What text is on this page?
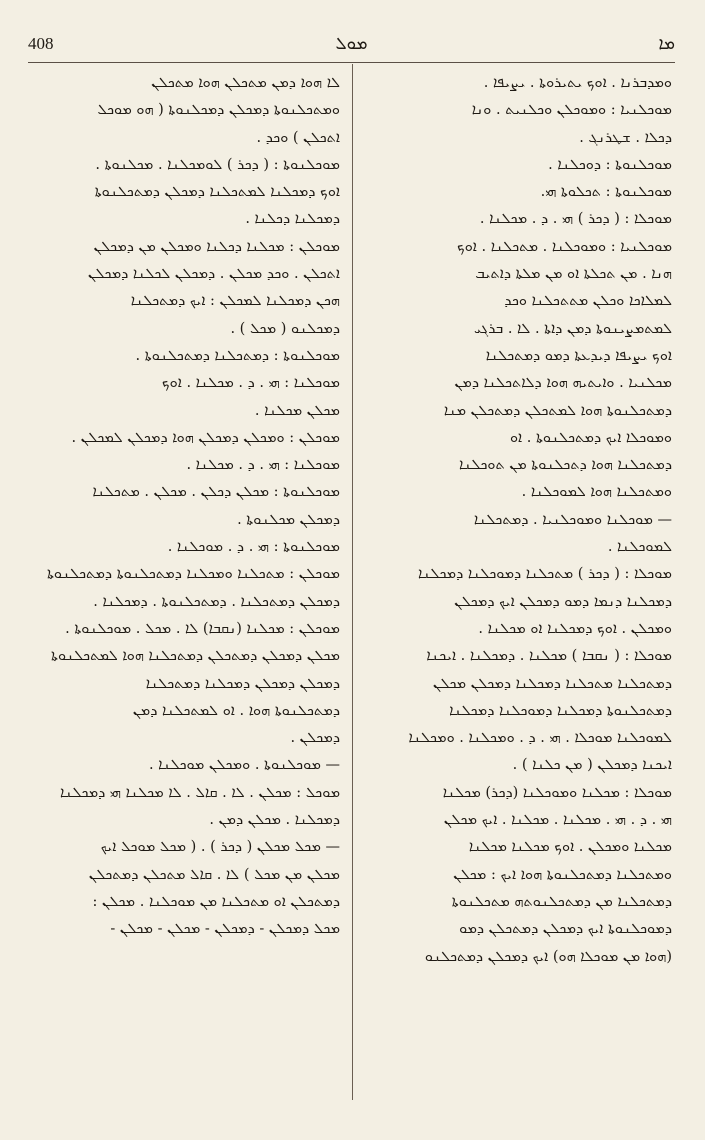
408	ܡܘܠ	ܡܐ
ܘܡܕܒܪܢܐ . ܐܘܟ ܝܬܝܪܘܬܐ . ܝܨܝܦܐ .
ܡܘܟܠܢܝܐ : ܘܡܘܟܠܢ ܘܟܠܢܝܬ . ܘܢܐ
ܕܟܠܐ . ܫܛܪܢܓ .
ܡܘܟܠܢܘܬܐ : ܕܘܟܠܢܐ .
ܡܘܟܠܢܘܬܐ : ܬܟܠܘܬܐ ܗܝ.
ܡܘܟܠܐ : ( ܕܟܪ ) ܗܝ . ܕ . ܡܟܠܢܐ .
ܡܘܟܠܢܝܐ : ܘܡܘܟܠܢܐ . ܡܬܟܠܢܐ . ܐܘܟ
ܗܢܐ . ܡܢ ܬܟܠܬܐ ܐܘ ܡܢ ܡܠܬܐ ܕܐܬܝܒ
ܠܡܠܐܟܐ ܘܟܠܢ ܡܬܬܟܠܢܐ ܘܟܕ
ܠܡܬܡܨܝܢܘܬܐ ܕܡܢ ܕܐܬܐ . ܠܐ . ܒܪܓܝ
ܐܘܟ ܝܨܝܦܐ ܕܝܕܥܬܐ ܕܡܘ ܕܡܬܟܠܢܐ
ܡܟܠܢܝܐ . ܘܐܝܬܝܗ ܗܘܐ ܕܠܐܬܟܠܢܐ ܕܡܢ
ܕܡܬܟܠܢܘܬܐ ܗܘܐ ܠܡܬܟܠܢ ܕܡܬܟܠܢ ܡܢܐ
ܘܡܘܟܠܐ ܐܝܟ ܕܡܬܟܠܢܘܬܐ . ܐܘ
ܕܡܬܟܠܢܐ ܗܘܐ ܕܬܟܠܢܘܬܐ ܡܢ ܬܘܟܠܢܐ
ܘܡܬܟܠܢܐ ܗܘܐ ܠܡܘܟܠܢܐ .
— ܡܘܟܠܢܐ ܘܡܘܟܠܢܝܐ . ܕܡܬܟܠܢܐ
ܠܡܘܟܠܢܐ .
ܡܘܟܠܐ : ( ܕܟܪ ) ܡܬܟܠܢܐ ܕܡܘܟܠܢܐ ܕܡܟܠܢܐ
ܕܡܟܠܢܐ ܕܢܡܐ ܕܡܘ ܕܡܟܠܢ ܐܝܟ ܕܡܟܠܢ
ܘܡܟܠܢ . ܐܘܟ ܕܡܟܠܢܐ ܐܘ ܡܟܠܢܐ .
ܡܘܟܠܐ : ( ܢܩܒܐ ) ܡܟܠܢܐ . ܕܡܟܠܢܐ . ܐܝܟܢܐ
ܕܡܬܟܠܢܐ ܡܬܟܠܢܐ ܕܡܟܠܢܐ ܕܡܟܠܢ ܡܟܠܢ
ܕܡܬܟܠܢܘܬܐ ܕܡܟܠܢܐ ܕܡܘܟܠܢܐ ܕܡܟܠܢܐ
ܠܡܘܟܠܢܐ ܡܘܟܠܐ . ܗܝ . ܕ . ܘܡܟܠܢܐ . ܘܡܟܠܢܐ
ܐܝܟܢܐ ܕܡܟܠܢ ( ܡܢ ܟܠܢܐ ) .
ܡܘܟܠܐ : ܡܟܠܢܐ ܘܡܘܟܠܢܐ (ܕܟܪ) ܡܟܠܢܐ
ܗܝ . ܕ . ܗܝ . ܡܟܠܢܐ . ܡܟܠܢܐ . ܐܝܟ ܡܟܠܢ
ܡܟܠܢܐ ܘܡܟܠܢ . ܐܘܟ ܡܟܠܢܐ ܡܟܠܢܐ
ܘܡܬܟܠܢܐ ܕܡܬܟܠܢܘܬܐ ܗܘܐ ܐܝܟ : ܡܟܠܢ
ܕܡܬܟܠܢܐ ܡܢ ܕܡܬܟܠܢܘܬܗ ܡܬܟܠܢܘܬܐ
ܕܡܘܟܠܢܘܬܐ ܐܝܟ ܕܡܟܠܢ ܕܡܬܟܠܢ ܕܡܘ
(ܗܘܐ ܡܢ ܡܘܟܠܐ ܗܘ) ܐܝܟ ܕܡܟܠܢ ܕܡܬܟܠܢܘ
ܠܐ ܗܘܐ ܕܡܢ ܡܬܟܠܢ ܗܘܐ ܡܬܟܠܢ
ܘܡܬܟܠܢܘܬܐ ܕܡܟܠܢ ܕܡܟܠܢܘܬܐ ( ܗܘ ܡܘܟܠ
ܐܬܟܠܢ ) ܘܟܕ .
ܡܘܟܠܢܘܬܐ : ( ܕܟܪ ) ܠܘܡܟܠܢܐ . ܡܟܠܢܘܬܐ .
ܐܘܟ ܕܡܟܠܢܐ ܠܡܬܟܠܢܐ ܕܡܟܠܢ ܕܡܬܟܠܢܘܬܐ
ܕܡܟܠܢܐ ܕܟܠܢܐ .
ܡܘܟܠܢ : ܡܟܠܢܐ ܕܟܠܢܐ ܘܡܟܠܢ ܡܢ ܕܡܟܠܢ
ܐܬܟܠܢ . ܘܟܕ ܡܟܠܢ . ܕܡܟܠܢ ܠܟܠܢܐ ܕܡܟܠܢ
ܗܟܢ ܕܡܟܠܢܐ ܠܡܟܠܢ : ܐܝܟ ܕܡܬܟܠܢܐ
ܕܡܟܠܢܘ ( ܡܟܠ ) .
ܡܘܟܠܢܘܬܐ : ܕܡܬܟܠܢܐ ܕܡܬܟܠܢܘܬܐ .
ܡܘܟܠܢܐ : ܗܝ . ܕ . ܡܟܠܢܐ . ܐܘܟ
ܡܟܠܢ ܡܟܠܢܐ .
ܡܘܟܠܢ : ܘܡܟܠܢ ܕܡܟܠܢ ܗܘܐ ܕܡܟܠܢ ܠܡܟܠܢ .
ܡܘܟܠܢܐ : ܗܝ . ܕ . ܡܟܠܢܐ .
ܡܘܟܠܢܘܬܐ : ܡܟܠܢ ܕܟܠܢ . ܡܟܠܢ . ܡܬܟܠܢܐ
ܕܡܟܠܢ ܡܟܠܢܘܬܐ .
ܡܘܟܠܢܘܬܐ : ܗܝ . ܕ . ܡܘܟܠܢܐ .
ܡܘܟܠܢ : ܡܬܟܠܢܐ ܘܡܟܠܢܐ ܕܡܬܟܠܢܘܬܐ ܕܡܬܟܠܢܘܬܐ
ܕܡܟܠܢ ܕܡܬܟܠܢܐ . ܕܡܬܟܠܢܘܬܐ . ܕܡܟܠܢܐ .
ܡܘܟܠܢ : ܡܟܠܢܐ (ܢܩܒܐ) ܠܐ . ܡܟܠ . ܡܘܟܠܢܘܬܐ .
ܡܟܠܢ ܕܡܟܠܢ ܕܡܬܟܠܢ ܕܡܬܟܠܢܐ ܗܘܐ ܠܡܬܟܠܢܘܬܐ
ܕܡܟܠܢ ܕܡܟܠܢ ܕܡܟܠܢܐ ܕܡܬܟܠܢܐ
ܕܡܬܟܠܢܘܬܐ ܗܘܐ . ܐܘ ܠܡܬܟܠܢܐ ܕܡܢ
ܕܡܟܠܢ .
— ܡܘܟܠܢܘܬܐ . ܘܡܟܠܢ ܡܘܟܠܢܐ .
ܡܘܟܠ : ܡܟܠܢ . ܠܐ . ܩܐܠ . ܠܐ ܡܟܠܢܐ ܗܝ ܕܡܟܠܢܐ
ܕܡܟܠܢܐ . ܡܟܠܢ ܕܡܢ .
— ܡܟܠ ܡܟܠܢ ( ܕܟܪ ) . ( ܡܟܠ ܡܘܟܠ ܐܝܟ
ܡܟܠܢ ܡܢ ܡܟܠ ) ܠܐ . ܩܐܠ ܡܬܟܠܢ ܕܡܬܟܠܢ
ܕܡܬܟܠܢ ܐܘ ܡܬܟܠܢܐ ܡܢ ܡܘܟܠܢܐ . ܡܟܠܢ :
ܡܟܠ ܕܡܟܠܢ - ܕܡܟܠܢ - ܡܟܠܢ - ܡܟܠܢ -
